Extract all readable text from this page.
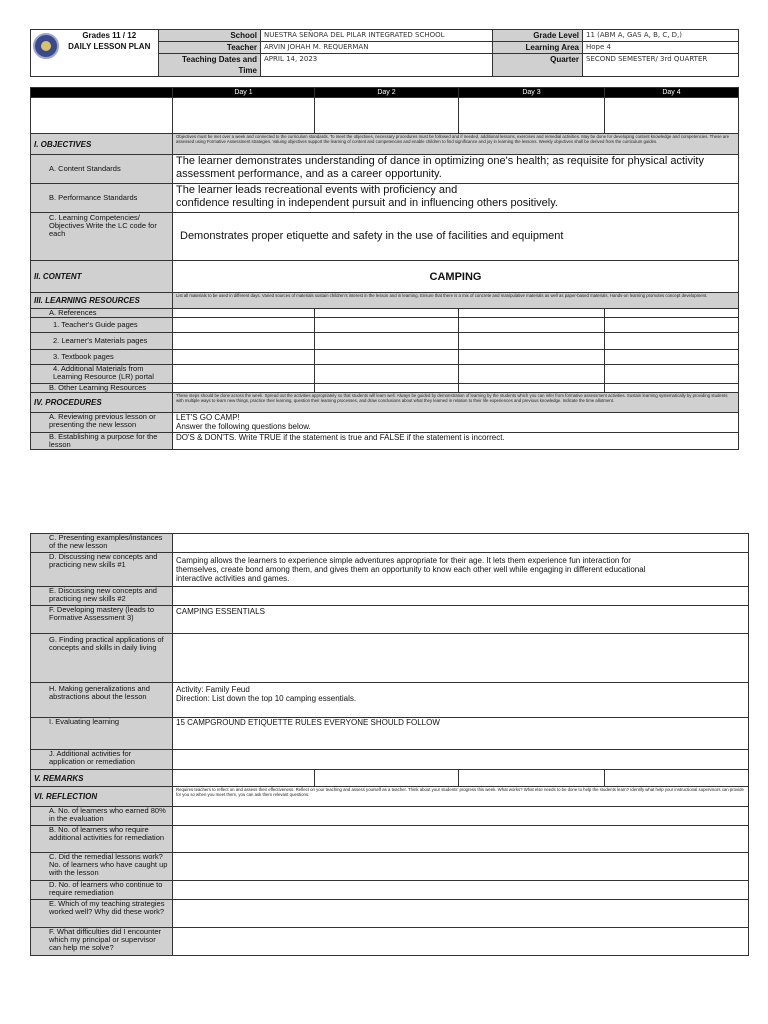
	Grades 11 / 12
DAILY LESSON PLAN	School	NUESTRA SEÑORA DEL PILAR INTEGRATED SCHOOL	Grade Level	11 (ABM A, GAS A, B, C, D,)
		Teacher	ARVIN JOHAH M. REQUERMAN	Learning Area	Hope 4
		Teaching Dates and Time	APRIL 14, 2023	Quarter	SECOND SEMESTER/ 3rd QUARTER
	Day 1	Day 2	Day 3	Day 4

I. OBJECTIVES	Objectives must be met over a week and connected to the curriculum standards. To meet the objectives, necessary procedures must be followed and if needed, additional lessons, exercises and remedial activities. May be done for developing content knowledge and competencies. These are assessed using Formative Assessment strategies. Valuing objectives support the learning of content and competencies and enable children to find significance and joy in learning the lessons. Weekly objectives shall be derived from the curriculum guides.			
A. Content Standards	The learner demonstrates understanding of dance in optimizing one's health; as requisite for physical activity assessment performance, and as a career opportunity.			
B. Performance Standards	The learner leads recreational events with proficiency and
confidence resulting in independent pursuit and in influencing others positively.			

C. Learning Competencies/ Objectives Write the LC code for each	Demonstrates proper etiquette and safety in the use of facilities and equipment			
II. CONTENT	CAMPING			
III. LEARNING RESOURCES	List all materials to be used in different days. Varied sources of materials sustain children's interest in the lesson and in learning. Ensure that there is a mix of concrete and manipulative materials as well as paper-based materials. Hands-on learning promotes concept development.			
A. References				
1. Teacher's Guide pages				
2. Learner's Materials pages				
3. Textbook pages				
4. Additional Materials from Learning Resource (LR) portal				
B. Other Learning Resources				
IV. PROCEDURES	These steps should be done across the week. Spread out the activities appropriately so that students will learn well. Always be guided by demonstration of learning by the students which you can infer from formative assessment activities. Sustain learning systematically by providing students with multiple ways to learn new things, practice their learning, question their learning processes, and draw conclusions about what they learned in relation to their life experiences and previous knowledge. Indicate the time allotment.			
A. Reviewing previous lesson or presenting the new lesson	LET'S GO CAMP!
Answer the following questions below.			

B. Establishing a purpose for the lesson	DO'S & DON'TS. Write TRUE if the statement is true and FALSE if the statement is incorrect.			
C. Presenting examples/instances of the new lesson				
D. Discussing new concepts and practicing new skills #1	Camping allows the learners to experience simple adventures appropriate for their age. It lets them experience fun interaction for themselves, create bond among them, and gives them an opportunity to know each other well while engaging in different educational interactive activities and games.			
E. Discussing new concepts and practicing new skills #2				
F. Developing mastery (leads to Formative Assessment 3)	CAMPING ESSENTIALS			
G. Finding practical applications of concepts and skills in daily living				
H. Making generalizations and abstractions about the lesson	Activity: Family Feud
Direction: List down the top 10 camping essentials.			

I. Evaluating learning	15 CAMPGROUND ETIQUETTE RULES EVERYONE SHOULD FOLLOW			
J. Additional activities for application or remediation				
V. REMARKS				
VI. REFLECTION	Requires teachers to reflect on and assess their effectiveness. Reflect on your teaching and assess yourself as a teacher. Think about your students' progress this week. What works? What else needs to be done to help the students learn? Identify what help your instructional supervisors can provide for you so when you meet them, you can ask them relevant questions.			
A. No. of learners who earned 80% in the evaluation				
B. No. of learners who require additional activities for remediation				
C. Did the remedial lessons work? No. of learners who have caught up with the lesson				
D. No. of learners who continue to require remediation				
E. Which of my teaching strategies worked well? Why did these work?				
F. What difficulties did I encounter which my principal or supervisor can help me solve?				
